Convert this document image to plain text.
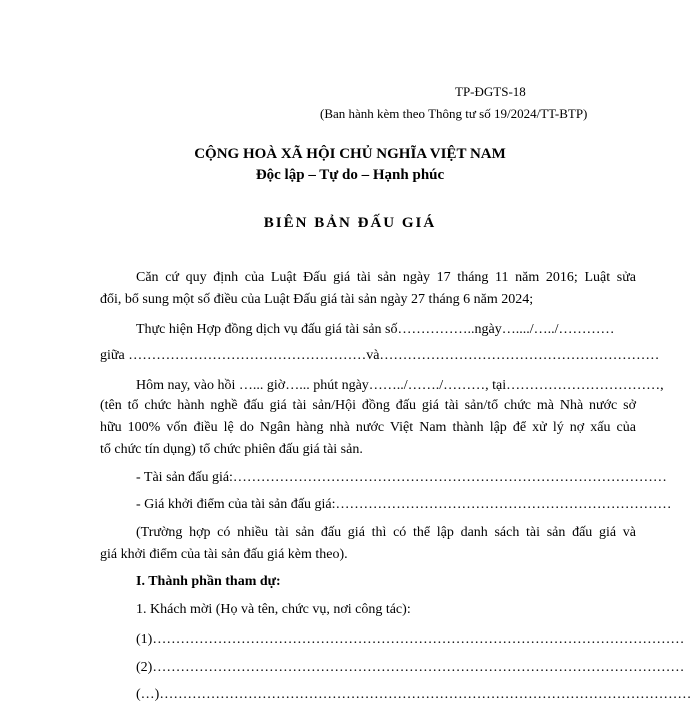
TP-ĐGTS-18
(Ban hành kèm theo Thông tư số 19/2024/TT-BTP)
CỘNG HOÀ XÃ HỘI CHỦ NGHĨA VIỆT NAM
Độc lập – Tự do – Hạnh phúc
BIÊN BẢN ĐẤU GIÁ
Căn cứ quy định của Luật Đấu giá tài sản ngày 17 tháng 11 năm 2016; Luật sửa
đổi, bổ sung một số điều của Luật Đấu giá tài sản ngày 27 tháng 6 năm 2024;
Thực hiện Hợp đồng dịch vụ đấu giá tài sản số……………..ngày…..../…../…………
giữa ……………………………………………và……………………………………………………
Hôm nay, vào hồi …... giờ…... phút ngày……../……./………, tại……………………………,
(tên tổ chức hành nghề đấu giá tài sản/Hội đồng đấu giá tài sản/tổ chức mà Nhà nước sở
hữu 100% vốn điều lệ do Ngân hàng nhà nước Việt Nam thành lập để xử lý nợ xấu của
tổ chức tín dụng) tổ chức phiên đấu giá tài sản.
- Tài sản đấu giá:…………………………………………………………………………………
- Giá khởi điểm của tài sản đấu giá:………………………………………………………………
(Trường hợp có nhiều tài sản đấu giá thì có thể lập danh sách tài sản đấu giá và
giá khởi điểm của tài sản đấu giá kèm theo).
I. Thành phần tham dự:
1. Khách mời (Họ và tên, chức vụ, nơi công tác):
(1)……………………………………………………………………………………………………
(2)……………………………………………………………………………………………………
(…)……………………………………………………………………………………………………
